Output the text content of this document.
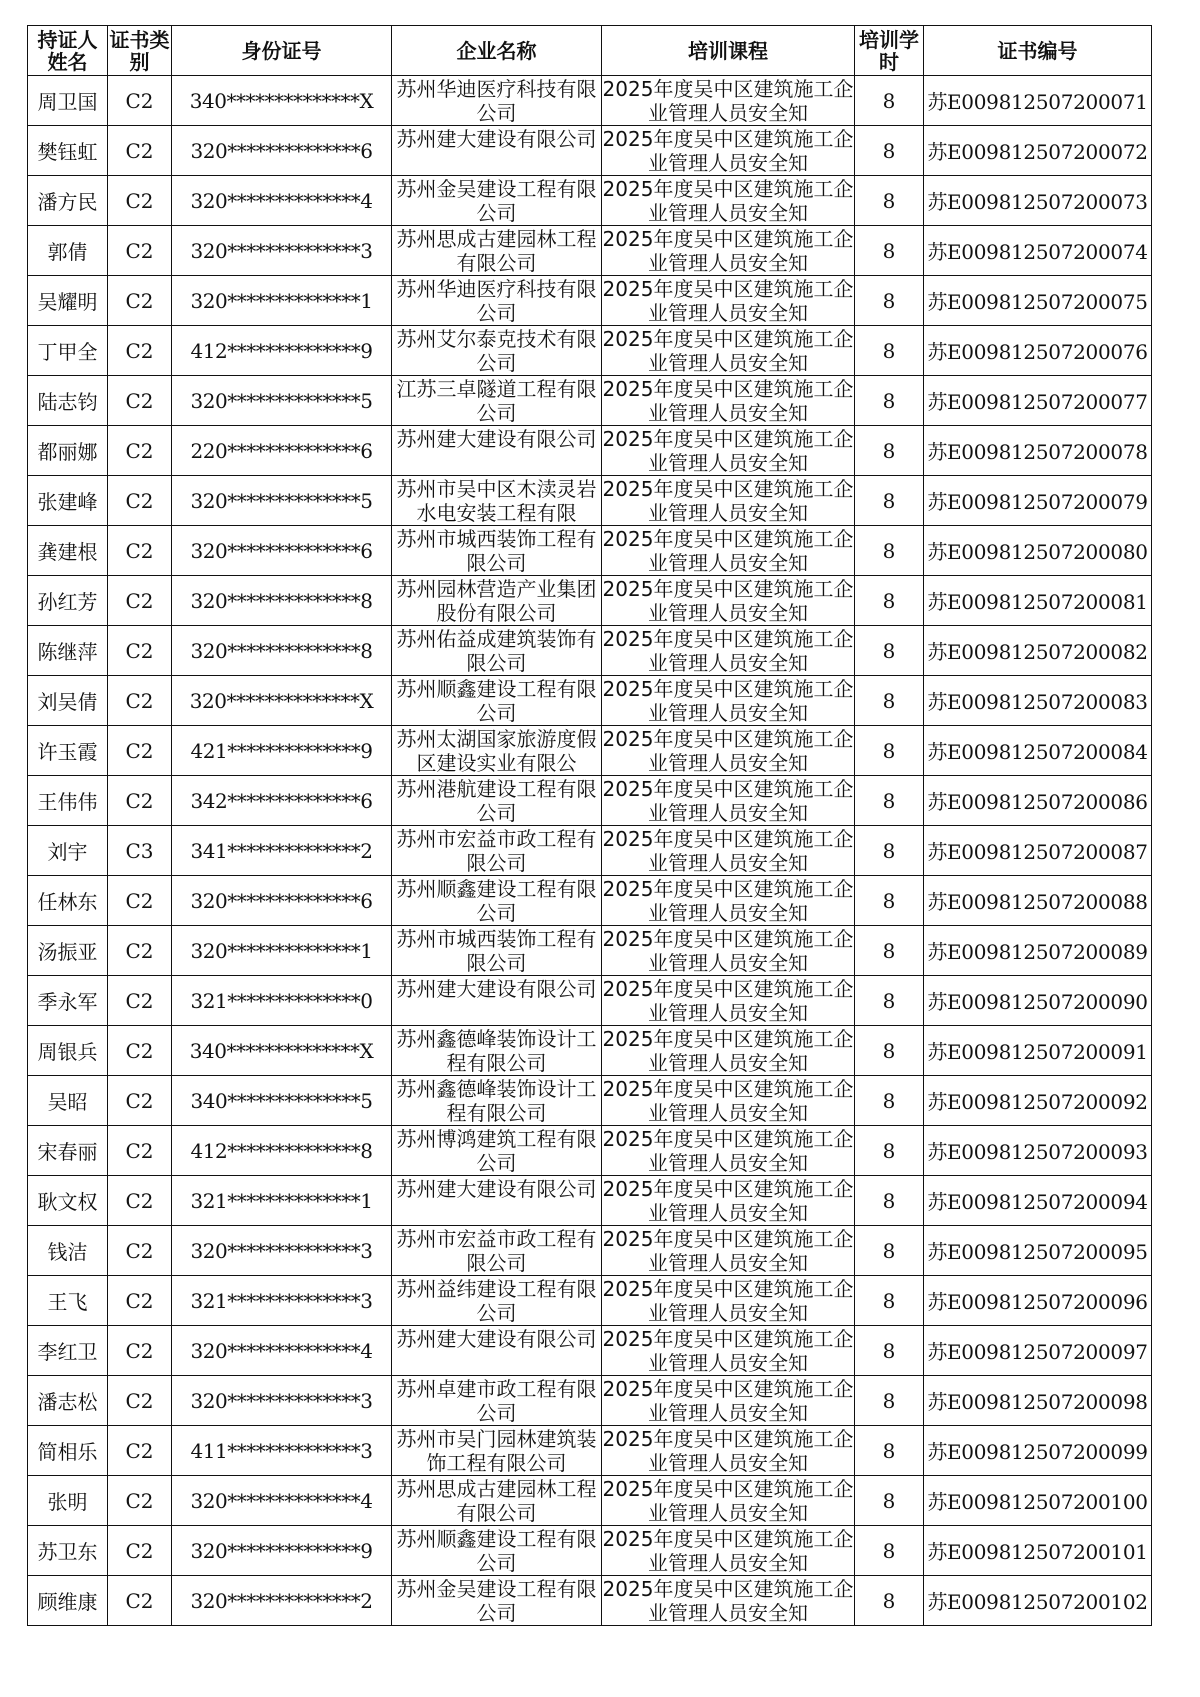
持证人姓名	证书类别	身份证号	企业名称	培训课程	培训学时	证书编号
周卫国	C2	340**************X	苏州华迪医疗科技有限公司	2025年度吴中区建筑施工企业管理人员安全知	8	苏E009812507200071
樊钰虹	C2	320**************6	苏州建大建设有限公司	2025年度吴中区建筑施工企业管理人员安全知	8	苏E009812507200072
潘方民	C2	320**************4	苏州金吴建设工程有限公司	2025年度吴中区建筑施工企业管理人员安全知	8	苏E009812507200073
郭倩	C2	320**************3	苏州思成古建园林工程有限公司	2025年度吴中区建筑施工企业管理人员安全知	8	苏E009812507200074
吴耀明	C2	320**************1	苏州华迪医疗科技有限公司	2025年度吴中区建筑施工企业管理人员安全知	8	苏E009812507200075
丁甲全	C2	412**************9	苏州艾尔泰克技术有限公司	2025年度吴中区建筑施工企业管理人员安全知	8	苏E009812507200076
陆志钧	C2	320**************5	江苏三卓隧道工程有限公司	2025年度吴中区建筑施工企业管理人员安全知	8	苏E009812507200077
都丽娜	C2	220**************6	苏州建大建设有限公司	2025年度吴中区建筑施工企业管理人员安全知	8	苏E009812507200078
张建峰	C2	320**************5	苏州市吴中区木渎灵岩水电安装工程有限	2025年度吴中区建筑施工企业管理人员安全知	8	苏E009812507200079
龚建根	C2	320**************6	苏州市城西装饰工程有限公司	2025年度吴中区建筑施工企业管理人员安全知	8	苏E009812507200080
孙红芳	C2	320**************8	苏州园林营造产业集团股份有限公司	2025年度吴中区建筑施工企业管理人员安全知	8	苏E009812507200081
陈继萍	C2	320**************8	苏州佑益成建筑装饰有限公司	2025年度吴中区建筑施工企业管理人员安全知	8	苏E009812507200082
刘吴倩	C2	320**************X	苏州顺鑫建设工程有限公司	2025年度吴中区建筑施工企业管理人员安全知	8	苏E009812507200083
许玉霞	C2	421**************9	苏州太湖国家旅游度假区建设实业有限公	2025年度吴中区建筑施工企业管理人员安全知	8	苏E009812507200084
王伟伟	C2	342**************6	苏州港航建设工程有限公司	2025年度吴中区建筑施工企业管理人员安全知	8	苏E009812507200086
刘宇	C3	341**************2	苏州市宏益市政工程有限公司	2025年度吴中区建筑施工企业管理人员安全知	8	苏E009812507200087
任林东	C2	320**************6	苏州顺鑫建设工程有限公司	2025年度吴中区建筑施工企业管理人员安全知	8	苏E009812507200088
汤振亚	C2	320**************1	苏州市城西装饰工程有限公司	2025年度吴中区建筑施工企业管理人员安全知	8	苏E009812507200089
季永军	C2	321**************0	苏州建大建设有限公司	2025年度吴中区建筑施工企业管理人员安全知	8	苏E009812507200090
周银兵	C2	340**************X	苏州鑫德峰装饰设计工程有限公司	2025年度吴中区建筑施工企业管理人员安全知	8	苏E009812507200091
吴昭	C2	340**************5	苏州鑫德峰装饰设计工程有限公司	2025年度吴中区建筑施工企业管理人员安全知	8	苏E009812507200092
宋春丽	C2	412**************8	苏州博鸿建筑工程有限公司	2025年度吴中区建筑施工企业管理人员安全知	8	苏E009812507200093
耿文权	C2	321**************1	苏州建大建设有限公司	2025年度吴中区建筑施工企业管理人员安全知	8	苏E009812507200094
钱洁	C2	320**************3	苏州市宏益市政工程有限公司	2025年度吴中区建筑施工企业管理人员安全知	8	苏E009812507200095
王飞	C2	321**************3	苏州益纬建设工程有限公司	2025年度吴中区建筑施工企业管理人员安全知	8	苏E009812507200096
李红卫	C2	320**************4	苏州建大建设有限公司	2025年度吴中区建筑施工企业管理人员安全知	8	苏E009812507200097
潘志松	C2	320**************3	苏州卓建市政工程有限公司	2025年度吴中区建筑施工企业管理人员安全知	8	苏E009812507200098
简相乐	C2	411**************3	苏州市吴门园林建筑装饰工程有限公司	2025年度吴中区建筑施工企业管理人员安全知	8	苏E009812507200099
张明	C2	320**************4	苏州思成古建园林工程有限公司	2025年度吴中区建筑施工企业管理人员安全知	8	苏E009812507200100
苏卫东	C2	320**************9	苏州顺鑫建设工程有限公司	2025年度吴中区建筑施工企业管理人员安全知	8	苏E009812507200101
顾维康	C2	320**************2	苏州金吴建设工程有限公司	2025年度吴中区建筑施工企业管理人员安全知	8	苏E009812507200102
